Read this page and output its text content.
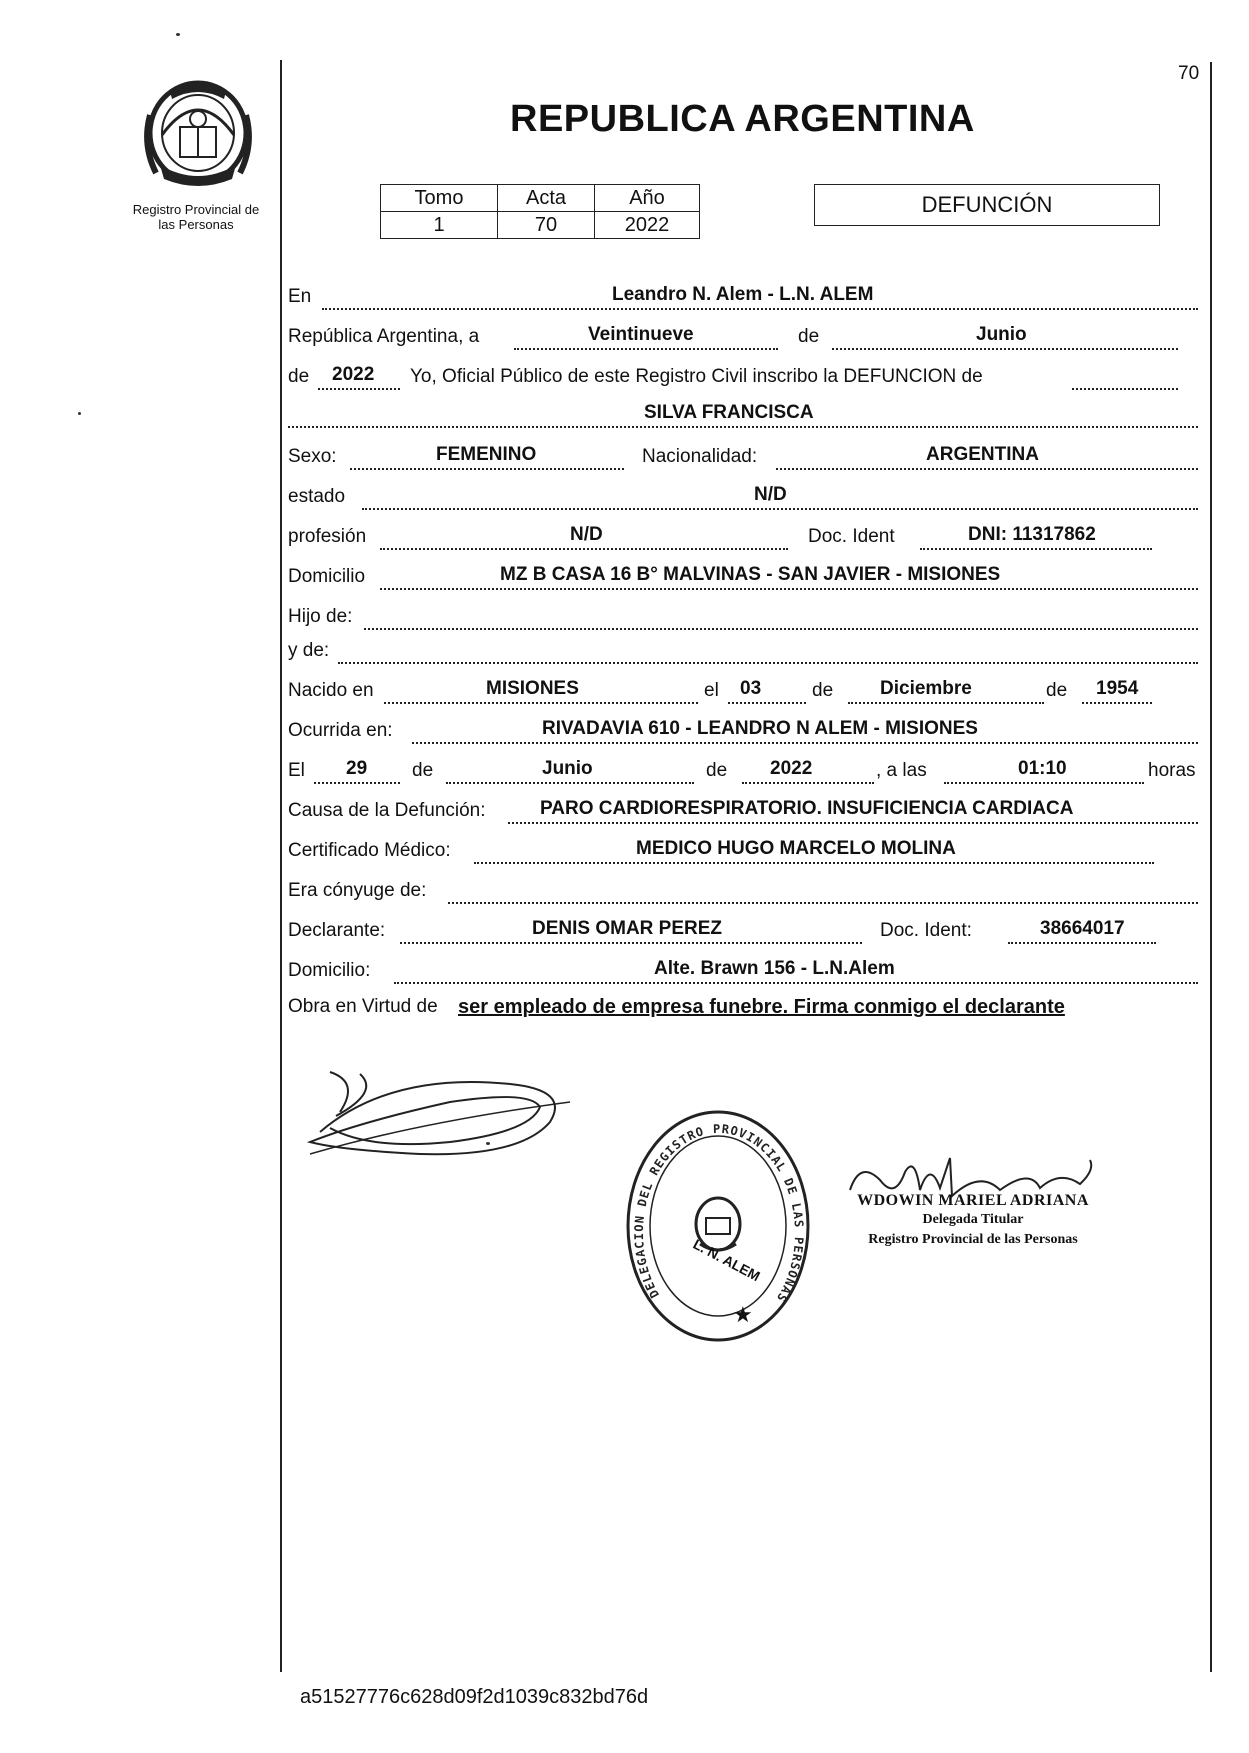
Registro Provincial de
las Personas
70
REPUBLICA ARGENTINA
Tomo	Acta	Año
1	70	2022
DEFUNCIÓN
En	Leandro N. Alem - L.N. ALEM
República Argentina, a	Veintinueve	de	Junio
de 2022 Yo, Oficial Público de este Registro Civil inscribo la DEFUNCION de
SILVA FRANCISCA
Sexo:	FEMENINO	Nacionalidad:	ARGENTINA
estado	N/D
profesión	N/D	Doc. Ident	DNI: 11317862
Domicilio	MZ B CASA 16 B° MALVINAS - SAN JAVIER - MISIONES
Hijo de:
y de:
Nacido en	MISIONES	el 03	de Diciembre	de 1954
Ocurrida en:	RIVADAVIA 610 - LEANDRO N ALEM - MISIONES
El 29 de	Junio	de 2022	, a las	01:10	horas
Causa de la Defunción:	PARO CARDIORESPIRATORIO. INSUFICIENCIA CARDIACA
Certificado Médico:	MEDICO HUGO MARCELO MOLINA
Era cónyuge de:
Declarante:	DENIS OMAR PEREZ	Doc. Ident:	38664017
Domicilio:	Alte. Brawn 156 - L.N.Alem
Obra en Virtud de ser empleado de empresa funebre. Firma conmigo el declarante
DELEGA DEL REGISTRO PROVINCIAL DE LA ERSONAS
L. N. ALEM
★
WDOWIN MARIEL ADRIANA
Delegada Titular
Registro Provincial de las Personas
a51527776c628d09f2d1039c832bd76d
